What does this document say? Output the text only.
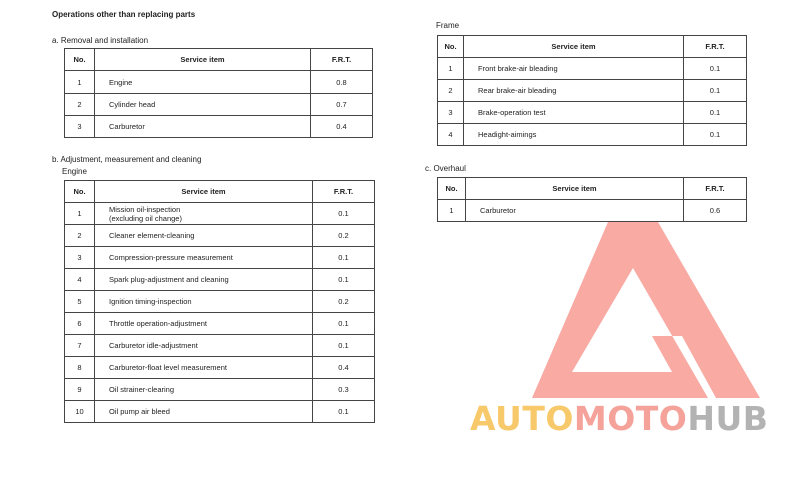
Operations other than replacing parts
a. Removal and installation
No.	Service item	F.R.T.
1	Engine	0.8
2	Cylinder head	0.7
3	Carburetor	0.4
b. Adjustment, measurement and cleaning
Engine
No.	Service item	F.R.T.
1	Mission oil-inspection
(excluding oil change)	0.1
2	Cleaner element-cleaning	0.2
3	Compression-pressure measurement	0.1
4	Spark plug-adjustment and cleaning	0.1
5	Ignition timing-inspection	0.2
6	Throttle operation-adjustment	0.1
7	Carburetor idle-adjustment	0.1
8	Carburetor-float level measurement	0.4
9	Oil strainer-clearing	0.3
10	Oil pump air bleed	0.1
Frame
No.	Service item	F.R.T.
1	Front brake-air bleading	0.1
2	Rear brake-air bleading	0.1
3	Brake-operation test	0.1
4	Headight-aimings	0.1
c. Overhaul
No.	Service item	F.R.T.
1	Carburetor	0.6
AUTOMOTOHUB
